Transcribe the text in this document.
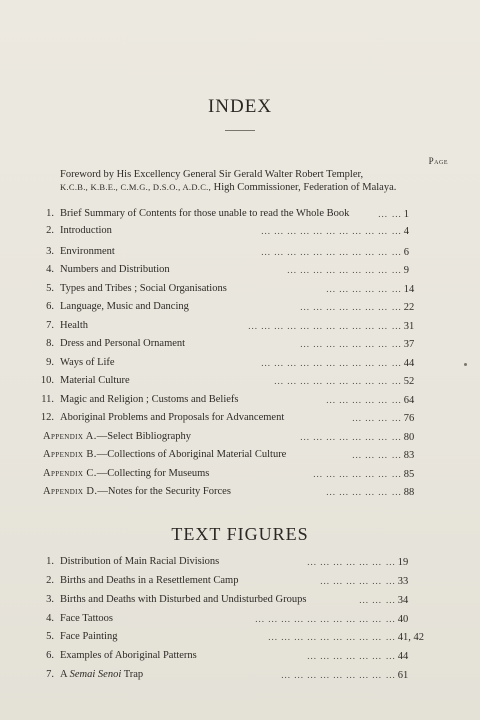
INDEX
Page
Foreword by His Excellency General Sir Gerald Walter Robert Templer,
K.C.B., K.B.E., C.M.G., D.S.O., A.D.C., High Commissioner, Federation of Malaya.
1. Brief Summary of Contents for those unable to read the Whole Book	... 1
...
2. Introduction	... 4
... ... ... ... ... ... ... ... ... ...
3. Environment	... 6
... ... ... ... ... ... ... ... ... ...
4. Numbers and Distribution	... 9
... ... ... ... ... ... ... ...
5. Types and Tribes ; Social Organisations	... 14
... ... ... ... ...
6. Language, Music and Dancing	... 22
... ... ... ... ... ... ...
7. Health	... 31
... ... ... ... ... ... ... ... ... ... ...
8. Dress and Personal Ornament	... 37
... ... ... ... ... ... ...
9. Ways of Life	... 44
... ... ... ... ... ... ... ... ... ...
10. Material Culture	... 52
... ... ... ... ... ... ... ... ...
11. Magic and Religion ; Customs and Beliefs	... 64
... ... ... ... ...
12. Aboriginal Problems and Proposals for Advancement	... 76
... ... ...
Appendix A.—Select Bibliography	... 80
... ... ... ... ... ... ...
Appendix B.—Collections of Aboriginal Material Culture	... 83
... ... ...
Appendix C.—Collecting for Museums	... 85
... ... ... ... ... ...
Appendix D.—Notes for the Security Forces	... 88
... ... ... ... ...
TEXT FIGURES
1. Distribution of Main Racial Divisions	... 19
... ... ... ... ... ...
2. Births and Deaths in a Resettlement Camp	... 33
... ... ... ... ...
3. Births and Deaths with Disturbed and Undisturbed Groups	... 34
... ...
4. Face Tattoos	... 40
... ... ... ... ... ... ... ... ... ...
5. Face Painting	... 41, 42
... ... ... ... ... ... ... ... ...
6. Examples of Aboriginal Patterns	... 44
... ... ... ... ... ...
7. A Semai Senoi Trap	... 61
... ... ... ... ... ... ... ...
